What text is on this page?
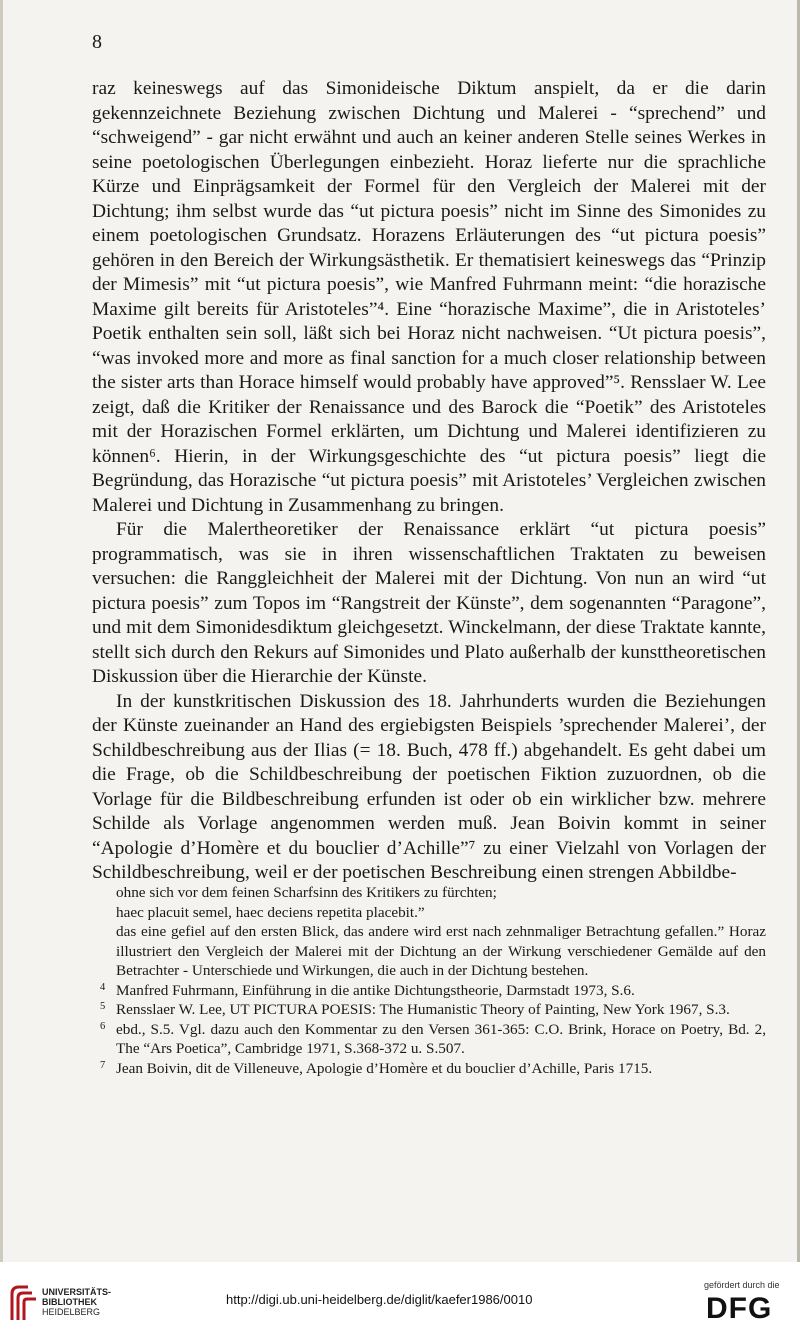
8

raz keineswegs auf das Simonideische Diktum anspielt, da er die darin gekennzeichnete Beziehung zwischen Dichtung und Malerei - “sprechend” und “schweigend” - gar nicht erwähnt und auch an keiner anderen Stelle seines Werkes in seine poetologischen Überlegungen einbezieht. Horaz lieferte nur die sprachliche Kürze und Einprägsamkeit der Formel für den Vergleich der Malerei mit der Dichtung; ihm selbst wurde das “ut pictura poesis” nicht im Sinne des Simonides zu einem poetologischen Grundsatz. Horazens Erläuterungen des “ut pictura poesis” gehören in den Bereich der Wirkungsästhetik. Er thematisiert keineswegs das “Prinzip der Mimesis” mit “ut pictura poesis”, wie Manfred Fuhrmann meint: “die horazische Maxime gilt bereits für Aristoteles”⁴. Eine “horazische Maxime”, die in Aristoteles’ Poetik enthalten sein soll, läßt sich bei Horaz nicht nachweisen. “Ut pictura poesis”, “was invoked more and more as final sanction for a much closer relationship between the sister arts than Horace himself would probably have approved”⁵. Rensslaer W. Lee zeigt, daß die Kritiker der Renaissance und des Barock die “Poetik” des Aristoteles mit der Horazischen Formel erklärten, um Dichtung und Malerei identifizieren zu können⁶. Hierin, in der Wirkungsgeschichte des “ut pictura poesis” liegt die Begründung, das Horazische “ut pictura poesis” mit Aristoteles’ Vergleichen zwischen Malerei und Dichtung in Zusammenhang zu bringen.

Für die Malertheoretiker der Renaissance erklärt “ut pictura poesis” programmatisch, was sie in ihren wissenschaftlichen Traktaten zu beweisen versuchen: die Ranggleichheit der Malerei mit der Dichtung. Von nun an wird “ut pictura poesis” zum Topos im “Rangstreit der Künste”, dem sogenannten “Paragone”, und mit dem Simonidesdiktum gleichgesetzt. Winckelmann, der diese Traktate kannte, stellt sich durch den Rekurs auf Simonides und Plato außerhalb der kunsttheoretischen Diskussion über die Hierarchie der Künste.

In der kunstkritischen Diskussion des 18. Jahrhunderts wurden die Beziehungen der Künste zueinander an Hand des ergiebigsten Beispiels ’sprechender Malerei’, der Schildbeschreibung aus der Ilias (= 18. Buch, 478 ff.) abgehandelt. Es geht dabei um die Frage, ob die Schildbeschreibung der poetischen Fiktion zuzuordnen, ob die Vorlage für die Bildbeschreibung erfunden ist oder ob ein wirklicher bzw. mehrere Schilde als Vorlage angenommen werden muß. Jean Boivin kommt in seiner “Apologie d’Homère et du bouclier d’Achille”⁷ zu einer Vielzahl von Vorlagen der Schildbeschreibung, weil er der poetischen Beschreibung einen strengen Abbildbe-

ohne sich vor dem feinen Scharfsinn des Kritikers zu fürchten;
haec placuit semel, haec deciens repetita placebit.”
das eine gefiel auf den ersten Blick, das andere wird erst nach zehnmaliger Betrachtung gefallen.” Horaz illustriert den Vergleich der Malerei mit der Dichtung an der Wirkung verschiedener Gemälde auf den Betrachter - Unterschiede und Wirkungen, die auch in der Dichtung bestehen.
4 Manfred Fuhrmann, Einführung in die antike Dichtungstheorie, Darmstadt 1973, S.6.
5 Rensslaer W. Lee, UT PICTURA POESIS: The Humanistic Theory of Painting, New York 1967, S.3.
6 ebd., S.5. Vgl. dazu auch den Kommentar zu den Versen 361-365: C.O. Brink, Horace on Poetry, Bd. 2, The “Ars Poetica”, Cambridge 1971, S.368-372 u. S.507.
7 Jean Boivin, dit de Villeneuve, Apologie d’Homère et du bouclier d’Achille, Paris 1715.
UNIVERSITÄTS-
BIBLIOTHEK
HEIDELBERG
http://digi.ub.uni-heidelberg.de/diglit/kaefer1986/0010
gefördert durch die
DFG
